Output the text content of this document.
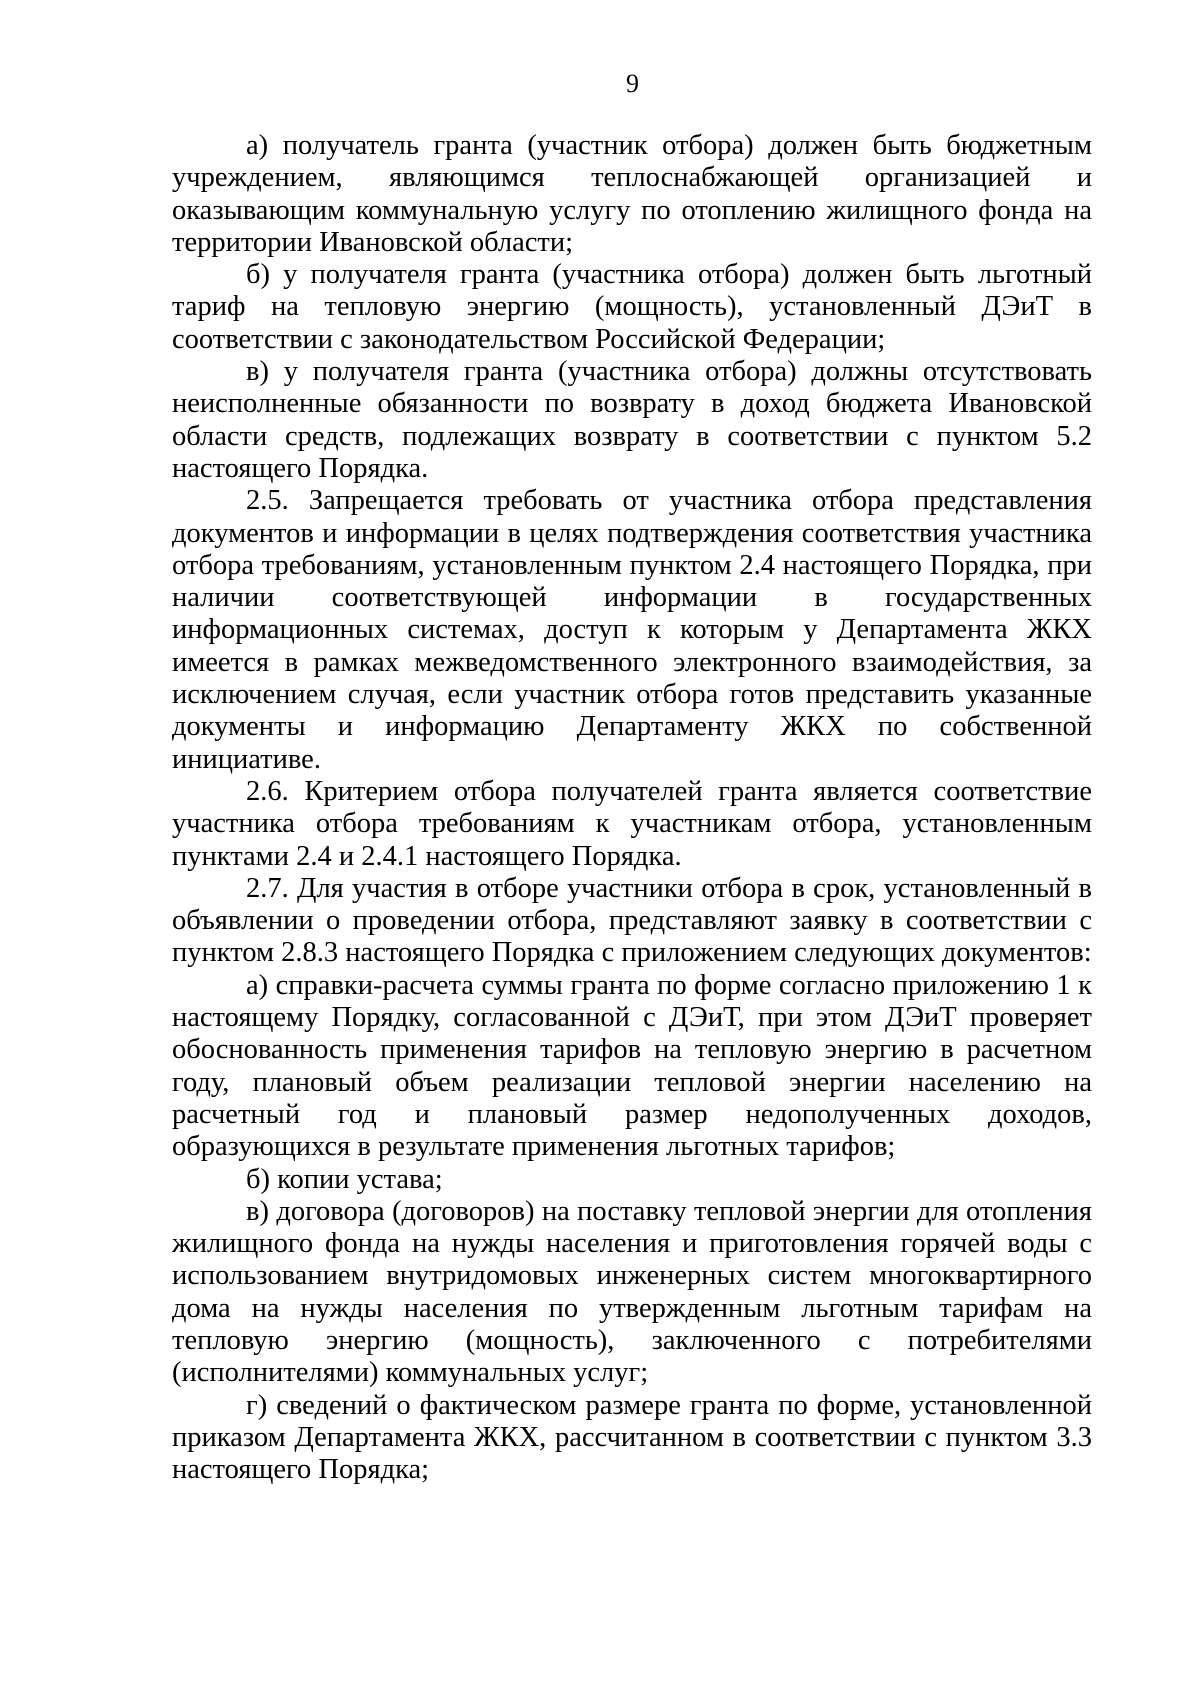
9

а) получатель гранта (участник отбора) должен быть бюджетным учреждением, являющимся теплоснабжающей организацией и оказывающим коммунальную услугу по отоплению жилищного фонда на территории Ивановской области;

б) у получателя гранта (участника отбора) должен быть льготный тариф на тепловую энергию (мощность), установленный ДЭиТ в соответствии с законодательством Российской Федерации;

в) у получателя гранта (участника отбора) должны отсутствовать неисполненные обязанности по возврату в доход бюджета Ивановской области средств, подлежащих возврату в соответствии с пунктом 5.2 настоящего Порядка.

2.5. Запрещается требовать от участника отбора представления документов и информации в целях подтверждения соответствия участника отбора требованиям, установленным пунктом 2.4 настоящего Порядка, при наличии соответствующей информации в государственных информационных системах, доступ к которым у Департамента ЖКХ имеется в рамках межведомственного электронного взаимодействия, за исключением случая, если участник отбора готов представить указанные документы и информацию Департаменту ЖКХ по собственной инициативе.

2.6. Критерием отбора получателей гранта является соответствие участника отбора требованиям к участникам отбора, установленным пунктами 2.4 и 2.4.1 настоящего Порядка.

2.7. Для участия в отборе участники отбора в срок, установленный в объявлении о проведении отбора, представляют заявку в соответствии с пунктом 2.8.3 настоящего Порядка с приложением следующих документов:

а) справки-расчета суммы гранта по форме согласно приложению 1 к настоящему Порядку, согласованной с ДЭиТ, при этом ДЭиТ проверяет обоснованность применения тарифов на тепловую энергию в расчетном году, плановый объем реализации тепловой энергии населению на расчетный год и плановый размер недополученных доходов, образующихся в результате применения льготных тарифов;

б) копии устава;

в) договора (договоров) на поставку тепловой энергии для отопления жилищного фонда на нужды населения и приготовления горячей воды с использованием внутридомовых инженерных систем многоквартирного дома на нужды населения по утвержденным льготным тарифам на тепловую энергию (мощность), заключенного с потребителями (исполнителями) коммунальных услуг;

г) сведений о фактическом размере гранта по форме, установленной приказом Департамента ЖКХ, рассчитанном в соответствии с пунктом 3.3 настоящего Порядка;
